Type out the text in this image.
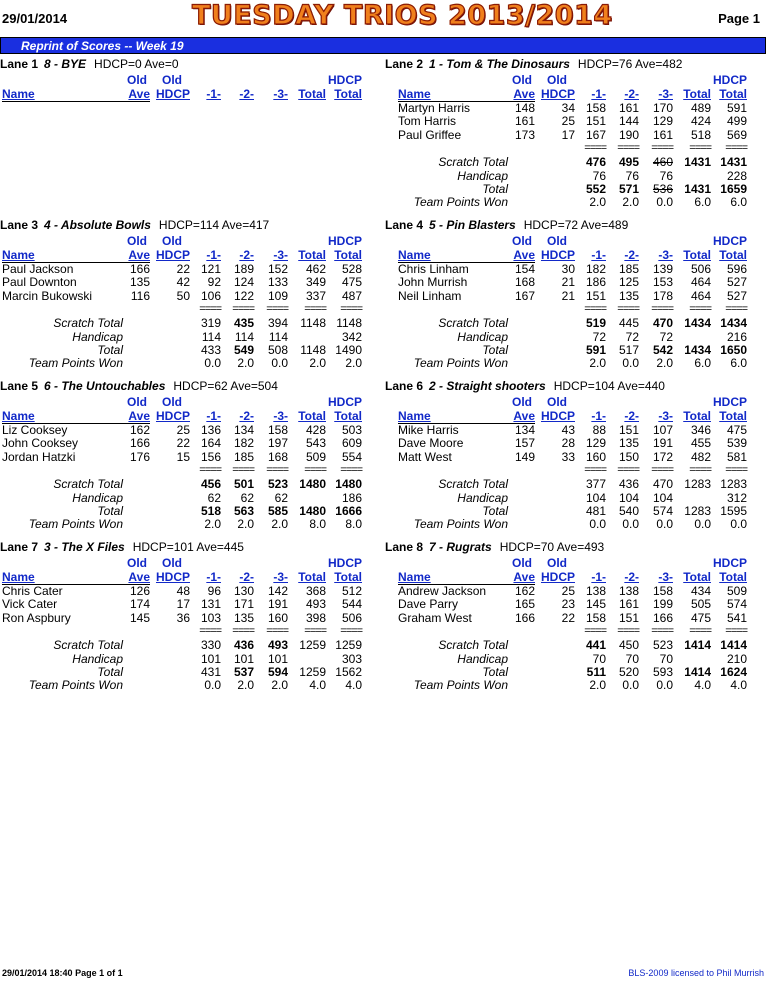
29/01/2014	TUESDAY TRIOS 2013/2014	Page 1
Reprint of Scores -- Week 19
Lane 1 8 - BYE HDCP=0 Ave=0
Old Old	HDCP
Name	Ave HDCP -1- -2- -3- Total Total
Lane 2 1 - Tom & The Dinosaurs HDCP=76 Ave=482
Old Old	HDCP
Name	Ave HDCP -1- -2- -3- Total Total
Martyn Harris	148 34 158 161 170 489 591
Tom Harris	161 25 151 144 129 424 499
Paul Griffee	173 17 167 190 161 518 569
==== ==== ==== ==== ====
Scratch Total	476 495 460 1431 1431
Handicap	76 76 76	228
Total	552 571 536 1431 1659
Team Points Won	2.0 2.0 0.0 6.0 6.0
Lane 3 4 - Absolute Bowls HDCP=114 Ave=417
Old Old	HDCP
Name	Ave HDCP -1- -2- -3- Total Total
Paul Jackson	166 22 121 189 152 462 528
Paul Downton	135 42 92 124 133 349 475
Marcin Bukowski	116 50 106 122 109 337 487
==== ==== ==== ==== ====
Scratch Total	319 435 394 1148 1148
Handicap	114 114 114	342
Total	433 549 508 1148 1490
Team Points Won	0.0 2.0 0.0 2.0 2.0
Lane 4 5 - Pin Blasters HDCP=72 Ave=489
Old Old	HDCP
Name	Ave HDCP -1- -2- -3- Total Total
Chris Linham	154 30 182 185 139 506 596
John Murrish	168 21 186 125 153 464 527
Neil Linham	167 21 151 135 178 464 527
==== ==== ==== ==== ====
Scratch Total	519 445 470 1434 1434
Handicap	72 72 72	216
Total	591 517 542 1434 1650
Team Points Won	2.0 0.0 2.0 6.0 6.0
Lane 5 6 - The Untouchables HDCP=62 Ave=504
Old Old	HDCP
Name	Ave HDCP -1- -2- -3- Total Total
Liz Cooksey	162 25 136 134 158 428 503
John Cooksey	166 22 164 182 197 543 609
Jordan Hatzki	176 15 156 185 168 509 554
==== ==== ==== ==== ====
Scratch Total	456 501 523 1480 1480
Handicap	62 62 62	186
Total	518 563 585 1480 1666
Team Points Won	2.0 2.0 2.0 8.0 8.0
Lane 6 2 - Straight shooters HDCP=104 Ave=440
Old Old	HDCP
Name	Ave HDCP -1- -2- -3- Total Total
Mike Harris	134 43 88 151 107 346 475
Dave Moore	157 28 129 135 191 455 539
Matt West	149 33 160 150 172 482 581
==== ==== ==== ==== ====
Scratch Total	377 436 470 1283 1283
Handicap	104 104 104	312
Total	481 540 574 1283 1595
Team Points Won	0.0 0.0 0.0 0.0 0.0
Lane 7 3 - The X Files HDCP=101 Ave=445
Old Old	HDCP
Name	Ave HDCP -1- -2- -3- Total Total
Chris Cater	126 48 96 130 142 368 512
Vick Cater	174 17 131 171 191 493 544
Ron Aspbury	145 36 103 135 160 398 506
==== ==== ==== ==== ====
Scratch Total	330 436 493 1259 1259
Handicap	101 101 101	303
Total	431 537 594 1259 1562
Team Points Won	0.0 2.0 2.0 4.0 4.0
Lane 8 7 - Rugrats HDCP=70 Ave=493
Old Old	HDCP
Name	Ave HDCP -1- -2- -3- Total Total
Andrew Jackson 162 25 138 138 158 434 509
Dave Parry	165 23 145 161 199 505 574
Graham West	166 22 158 151 166 475 541
==== ==== ==== ==== ====
Scratch Total	441 450 523 1414 1414
Handicap	70 70 70	210
Total	511 520 593 1414 1624
Team Points Won	2.0 0.0 0.0 4.0 4.0
29/01/2014 18:40 Page 1 of 1	BLS-2009 licensed to Phil Murrish
